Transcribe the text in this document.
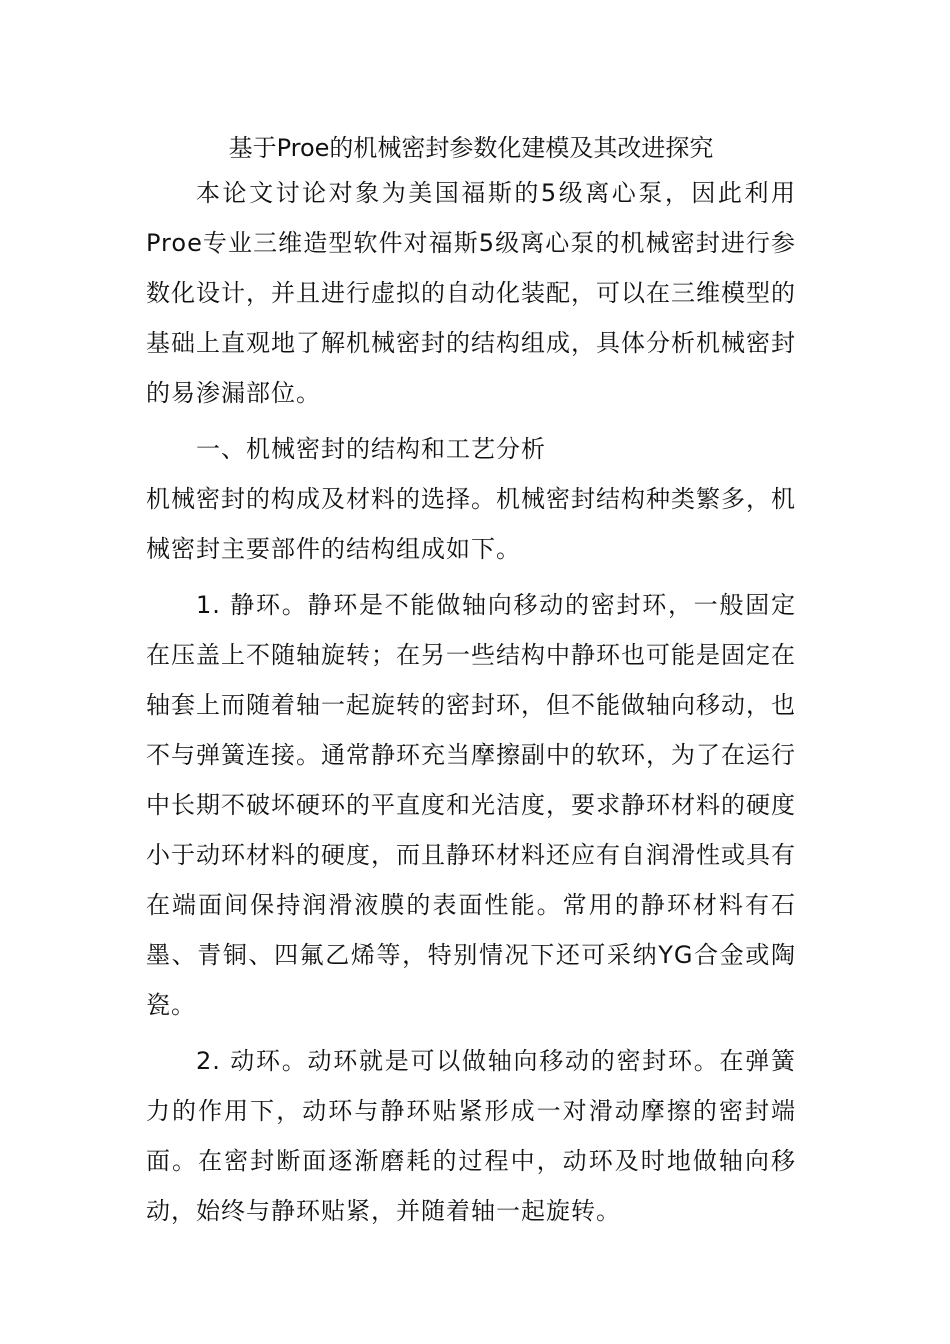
基于Proe的机械密封参数化建模及其改进探究

本论文讨论对象为美国福斯的5级离心泵，因此利用Proe专业三维造型软件对福斯5级离心泵的机械密封进行参数化设计，并且进行虚拟的自动化装配，可以在三维模型的基础上直观地了解机械密封的结构组成，具体分析机械密封的易渗漏部位。

一、机械密封的结构和工艺分析

机械密封的构成及材料的选择。机械密封结构种类繁多，机械密封主要部件的结构组成如下。

1. 静环。静环是不能做轴向移动的密封环，一般固定在压盖上不随轴旋转；在另一些结构中静环也可能是固定在轴套上而随着轴一起旋转的密封环，但不能做轴向移动，也不与弹簧连接。通常静环充当摩擦副中的软环，为了在运行中长期不破坏硬环的平直度和光洁度，要求静环材料的硬度小于动环材料的硬度，而且静环材料还应有自润滑性或具有在端面间保持润滑液膜的表面性能。常用的静环材料有石墨、青铜、四氟乙烯等，特别情况下还可采纳YG合金或陶瓷。

2. 动环。动环就是可以做轴向移动的密封环。在弹簧力的作用下，动环与静环贴紧形成一对滑动摩擦的密封端面。在密封断面逐渐磨耗的过程中，动环及时地做轴向移动，始终与静环贴紧，并随着轴一起旋转。
